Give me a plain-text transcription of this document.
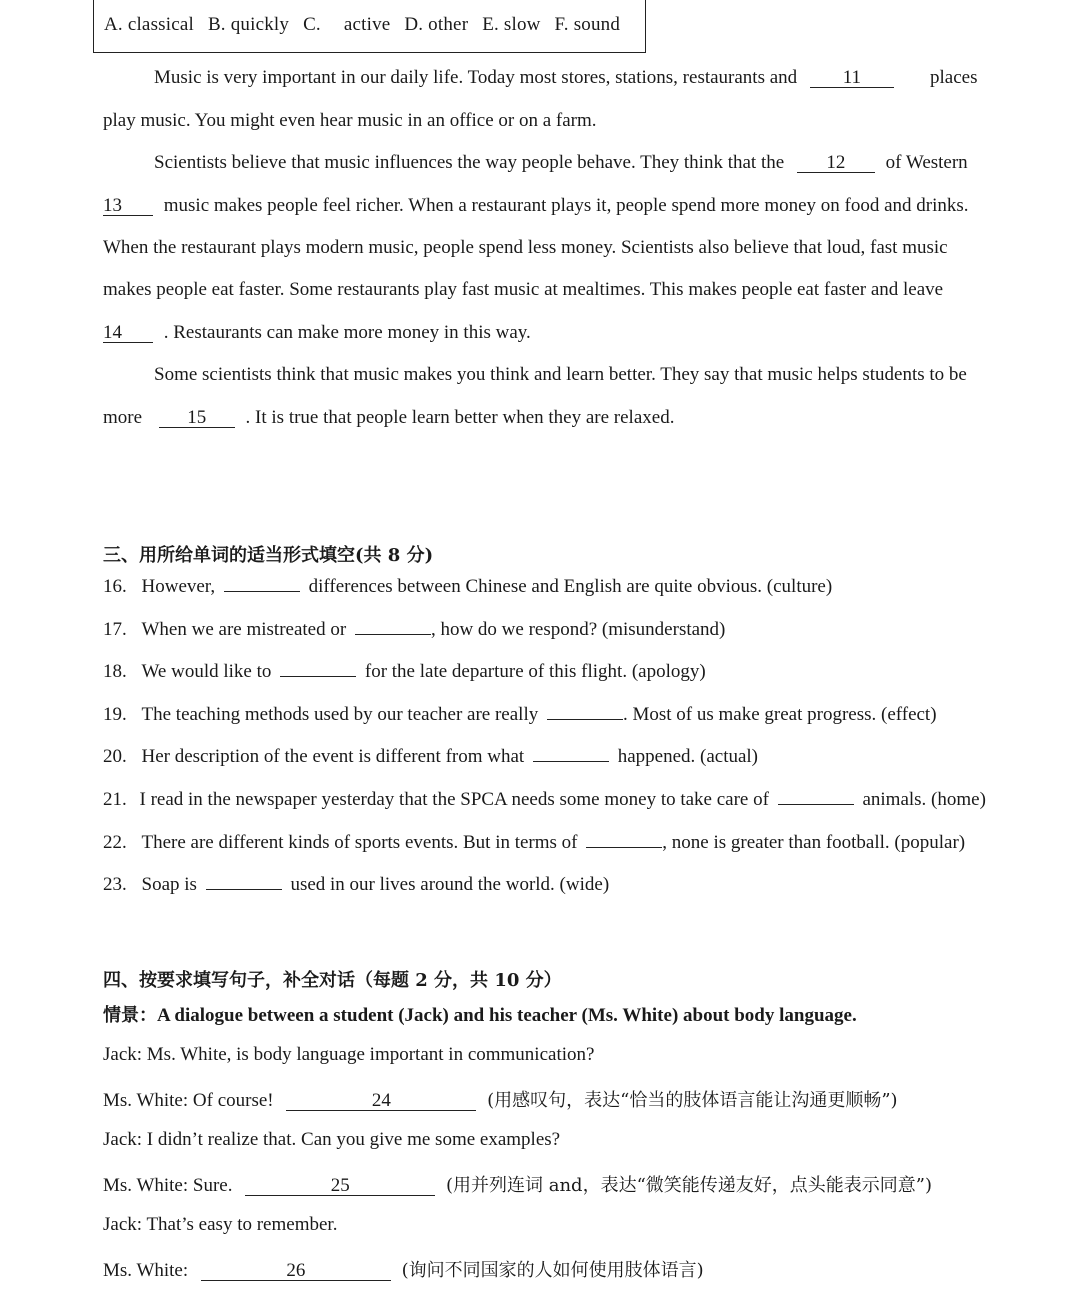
A. classical B. quickly C. active D. other E. slow F. sound
Music is very important in our daily life. Today most stores, stations, restaurants and 11	places
play music. You might even hear music in an office or on a farm.
Scientists believe that music influences the way people behave. They think that the 12 of Western
13 music makes people feel richer. When a restaurant plays it, people spend more money on food and drinks.
When the restaurant plays modern music, people spend less money. Scientists also believe that loud, fast music
makes people eat faster. Some restaurants play fast music at mealtimes. This makes people eat faster and leave
14 . Restaurants can make more money in this way.
Some scientists think that music makes you think and learn better. They say that music helps students to be
more 15 . It is true that people learn better when they are relaxed.
三、用所给单词的适当形式填空(共 8 分)
16. However,	differences between Chinese and English are quite obvious. (culture)
17. When we are mistreated or	, how do we respond? (misunderstand)
18. We would like to	for the late departure of this flight. (apology)
19. The teaching methods used by our teacher are really	. Most of us make great progress. (effect)
20. Her description of the event is different from what	happened. (actual)
21. I read in the newspaper yesterday that the SPCA needs some money to take care of	animals. (home)
22. There are different kinds of sports events. But in terms of	, none is greater than football. (popular)
23. Soap is	used in our lives around the world. (wide)
四、按要求填写句子，补全对话（每题 2 分，共 10 分）
情景：A dialogue between a student (Jack) and his teacher (Ms. White) about body language.
Jack: Ms. White, is body language important in communication?
Ms. White: Of course!	24	(用感叹句，表达“恰当的肢体语言能让沟通更顺畅”)
Jack: I didn’t realize that. Can you give me some examples?
Ms. White: Sure.	25	(用并列连词 and，表达“微笑能传递友好，点头能表示同意”)
Jack: That’s easy to remember.
Ms. White:	26	(询问不同国家的人如何使用肢体语言)
